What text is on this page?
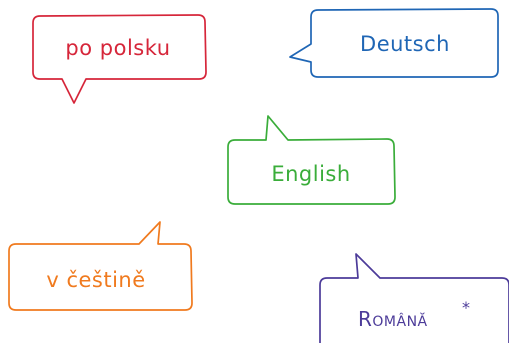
po polsku	Deutsch
English
v češtině
Română *
